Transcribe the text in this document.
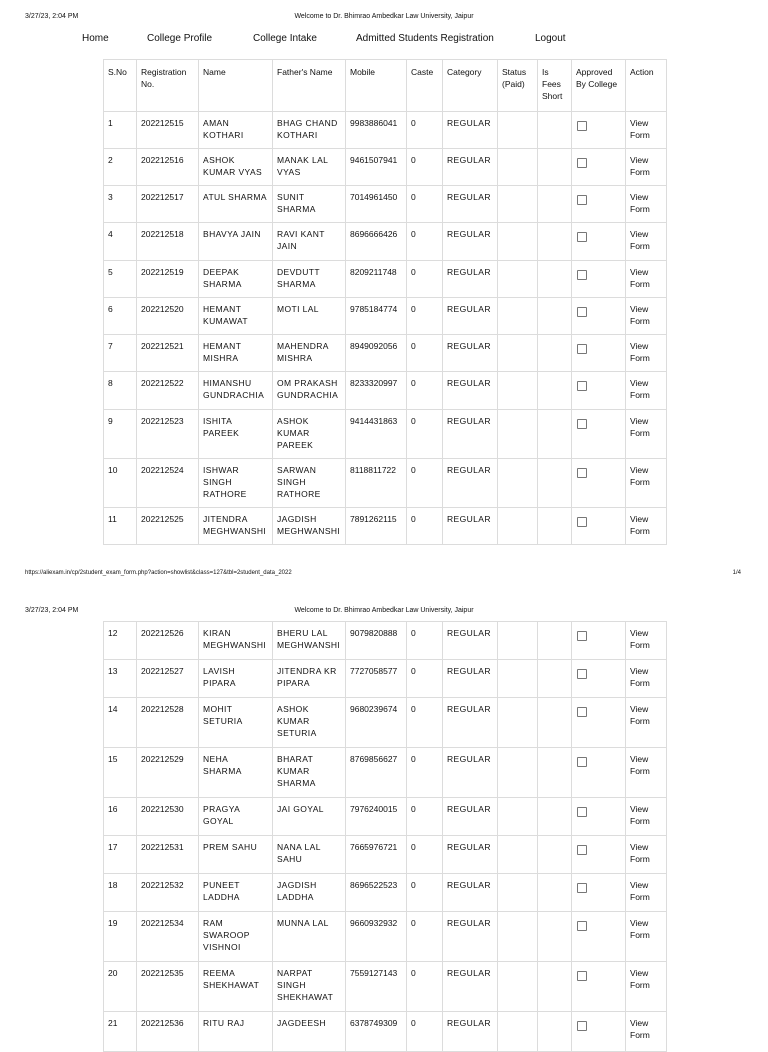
Welcome to Dr. Bhimrao Ambedkar Law University, Jaipur
3/27/23, 2:04 PM
Home	College Profile	College Intake	Admitted Students Registration	Logout
S.No	Registration No.	Name	Father's Name	Mobile	Caste	Category	Status (Paid)	Is Fees Short	Approved By College	Action
1	202212515	AMAN KOTHARI	BHAG CHAND KOTHARI	9983886041	0	REGULAR				View Form
2	202212516	ASHOK KUMAR VYAS	MANAK LAL VYAS	9461507941	0	REGULAR				View Form
3	202212517	ATUL SHARMA	SUNIT SHARMA	7014961450	0	REGULAR				View Form
4	202212518	BHAVYA JAIN	RAVI KANT JAIN	8696666426	0	REGULAR				View Form
5	202212519	DEEPAK SHARMA	DEVDUTT SHARMA	8209211748	0	REGULAR				View Form
6	202212520	HEMANT KUMAWAT	MOTI LAL	9785184774	0	REGULAR				View Form
7	202212521	HEMANT MISHRA	MAHENDRA MISHRA	8949092056	0	REGULAR				View Form
8	202212522	HIMANSHU GUNDRACHIA	OM PRAKASH GUNDRACHIA	8233320997	0	REGULAR				View Form
9	202212523	ISHITA PAREEK	ASHOK KUMAR PAREEK	9414431863	0	REGULAR				View Form
10	202212524	ISHWAR SINGH RATHORE	SARWAN SINGH RATHORE	8118811722	0	REGULAR				View Form
11	202212525	JITENDRA MEGHWANSHI	JAGDISH MEGHWANSHI	7891262115	0	REGULAR				View Form
https://aliexam.in/cp/2student_exam_form.php?action=showlist&class=127&tbl=2student_data_2022	1/4
Welcome to Dr. Bhimrao Ambedkar Law University, Jaipur
3/27/23, 2:04 PM
12	202212526	KIRAN MEGHWANSHI	BHERU LAL MEGHWANSHI	9079820888	0	REGULAR				View Form
13	202212527	LAVISH PIPARA	JITENDRA KR PIPARA	7727058577	0	REGULAR				View Form
14	202212528	MOHIT SETURIA	ASHOK KUMAR SETURIA	9680239674	0	REGULAR				View Form
15	202212529	NEHA SHARMA	BHARAT KUMAR SHARMA	8769856627	0	REGULAR				View Form
16	202212530	PRAGYA GOYAL	JAI GOYAL	7976240015	0	REGULAR				View Form
17	202212531	PREM SAHU	NANA LAL SAHU	7665976721	0	REGULAR				View Form
18	202212532	PUNEET LADDHA	JAGDISH LADDHA	8696522523	0	REGULAR				View Form
19	202212534	RAM SWAROOP VISHNOI	MUNNA LAL	9660932932	0	REGULAR				View Form
20	202212535	REEMA SHEKHAWAT	NARPAT SINGH SHEKHAWAT	7559127143	0	REGULAR				View Form
21	202212536	RITU RAJ	JAGDEESH	6378749309	0	REGULAR				View Form
